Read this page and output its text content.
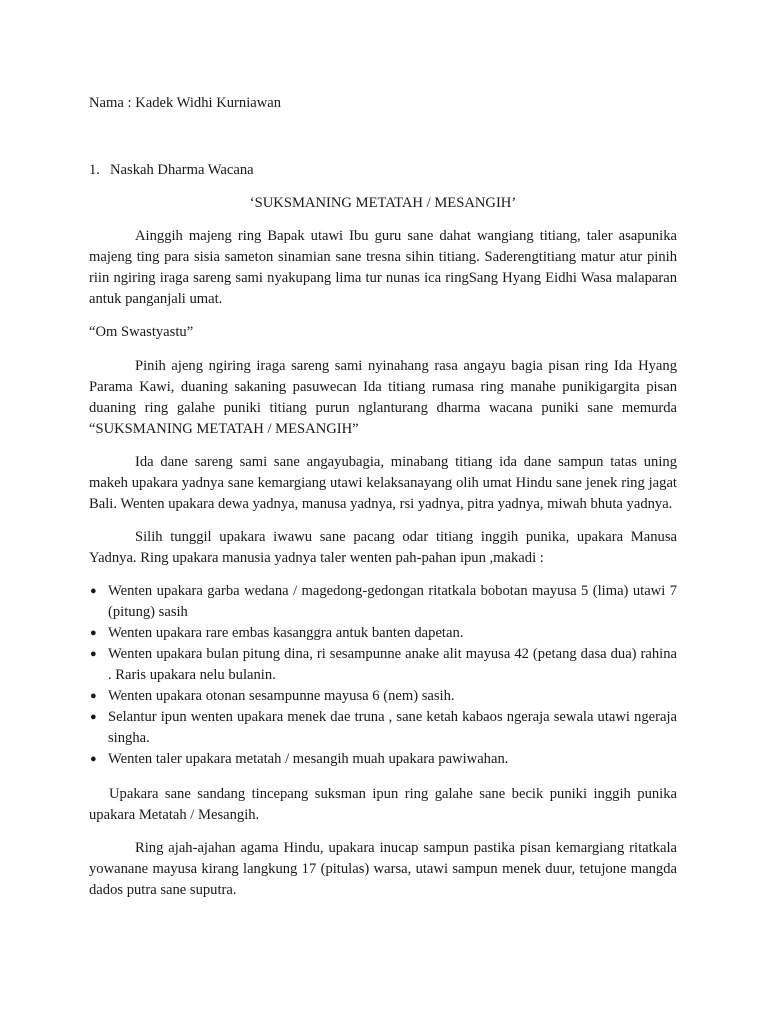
Nama : Kadek Widhi Kurniawan
1. Naskah Dharma Wacana
‘SUKSMANING METATAH / MESANGIH’

Ainggih majeng ring Bapak utawi Ibu guru sane dahat wangiang titiang, taler asapunika majeng ting para sisia sameton sinamian sane tresna sihin titiang. Saderengtitiang matur atur pinih riin ngiring iraga sareng sami nyakupang lima tur nunas ica ringSang Hyang Eidhi Wasa malaparan antuk panganjali umat.

“Om Swastyastu”

Pinih ajeng ngiring iraga sareng sami nyinahang rasa angayu bagia pisan ring Ida Hyang Parama Kawi, duaning sakaning pasuwecan Ida titiang rumasa ring manahe punikigargita pisan duaning ring galahe puniki titiang purun nglanturang dharma wacana puniki sane memurda “SUKSMANING METATAH / MESANGIH”

Ida dane sareng sami sane angayubagia, minabang titiang ida dane sampun tatas uning makeh upakara yadnya sane kemargiang utawi kelaksanayang olih umat Hindu sane jenek ring jagat Bali. Wenten upakara dewa yadnya, manusa yadnya, rsi yadnya, pitra yadnya, miwah bhuta yadnya.

Silih tunggil upakara iwawu sane pacang odar titiang inggih punika, upakara Manusa Yadnya. Ring upakara manusia yadnya taler wenten pah-pahan ipun ,makadi :

● Wenten upakara garba wedana / magedong-gedongan ritatkala bobotan mayusa 5 (lima) utawi 7 (pitung) sasih
● Wenten upakara rare embas kasanggra antuk banten dapetan.
● Wenten upakara bulan pitung dina, ri sesampunne anake alit mayusa 42 (petang dasa dua) rahina . Raris upakara nelu bulanin.
● Wenten upakara otonan sesampunne mayusa 6 (nem) sasih.
● Selantur ipun wenten upakara menek dae truna , sane ketah kabaos ngeraja sewala utawi ngeraja singha.
● Wenten taler upakara metatah / mesangih muah upakara pawiwahan.

Upakara sane sandang tincepang suksman ipun ring galahe sane becik puniki inggih punika upakara Metatah / Mesangih.

Ring ajah-ajahan agama Hindu, upakara inucap sampun pastika pisan kemargiang ritatkala yowanane mayusa kirang langkung 17 (pitulas) warsa, utawi sampun menek duur, tetujone mangda dados putra sane suputra.
